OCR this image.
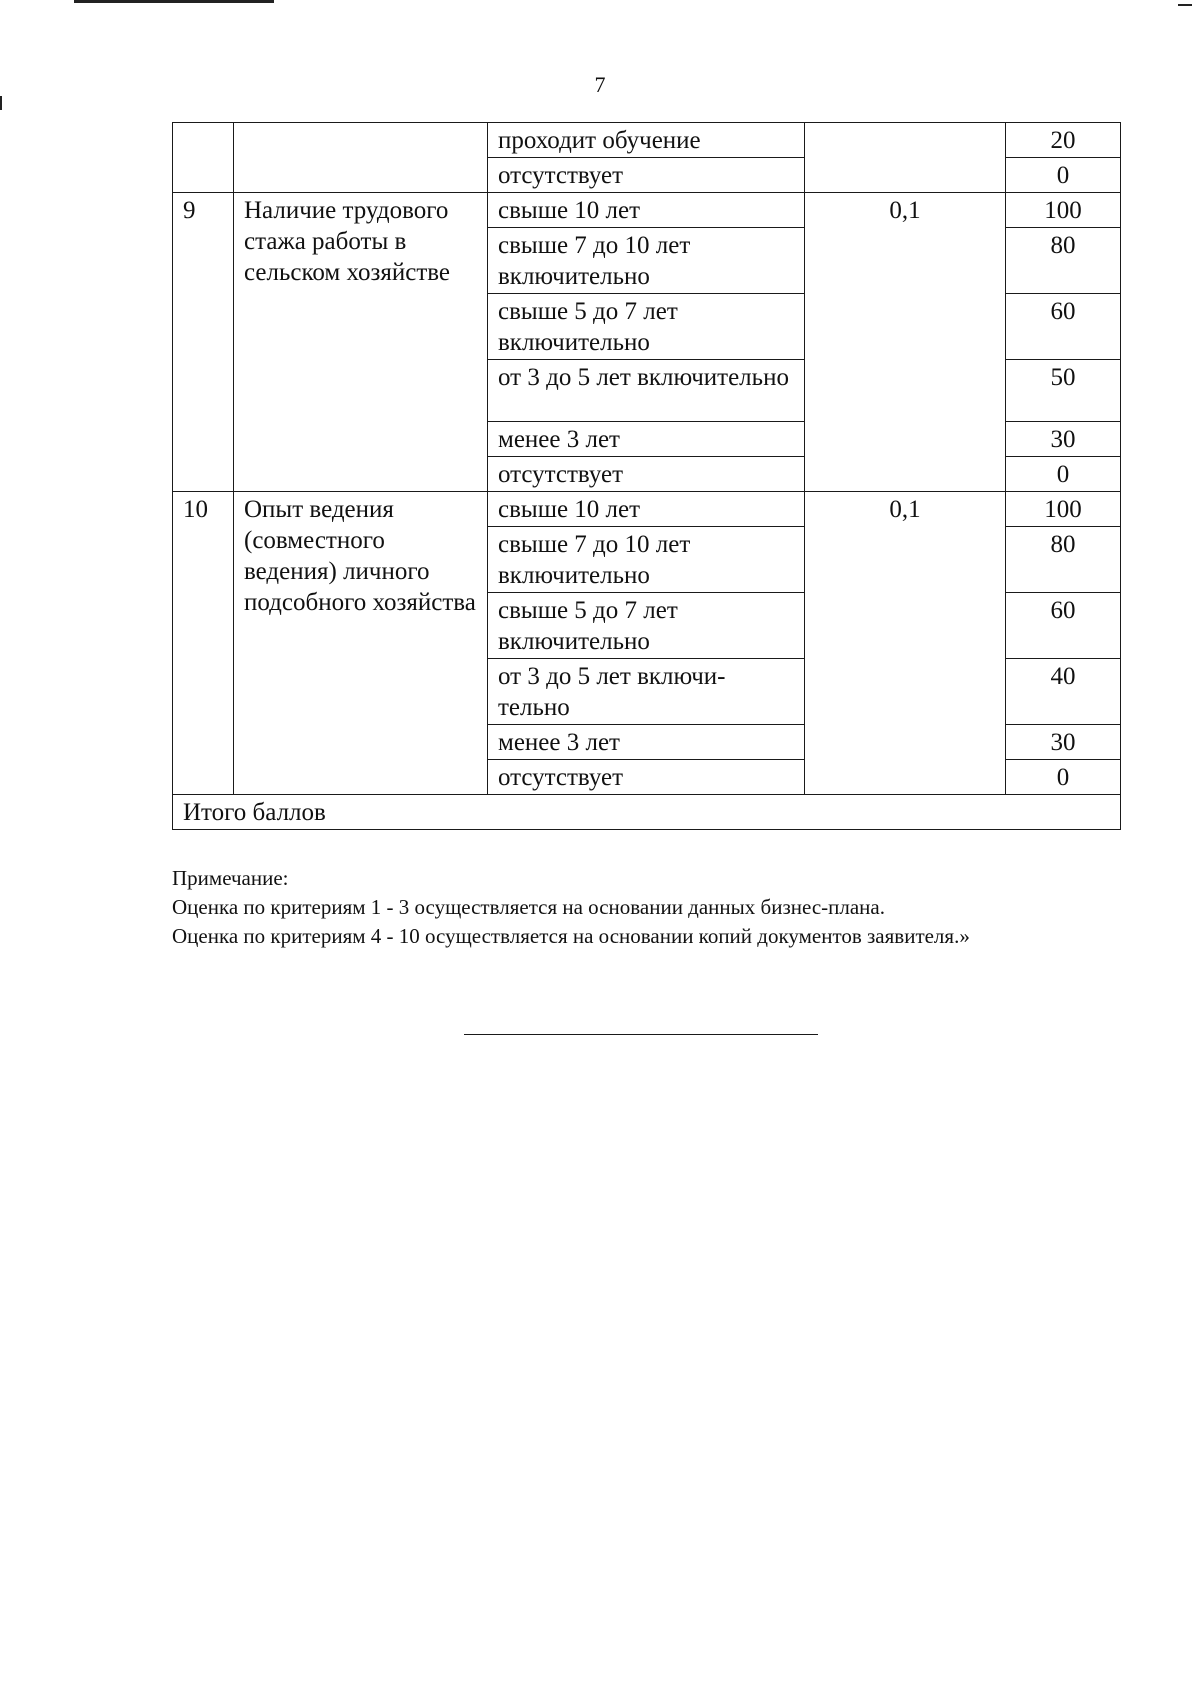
7
		проходит обучение		20
		отсутствует		0
9	Наличие трудового стажа работы в сельском хозяйстве	свыше 10 лет	0,1	100
		свыше 7 до 10 лет включительно		80
		свыше 5 до 7 лет включительно		60
		от 3 до 5 лет включительно		50
		менее 3 лет		30
		отсутствует		0
10	Опыт ведения (совместного ведения) личного подсобного хозяйства	свыше 10 лет	0,1	100
		свыше 7 до 10 лет включительно		80
		свыше 5 до 7 лет включительно		60
		от 3 до 5 лет включи-тельно		40
		менее 3 лет		30
		отсутствует		0
Итого баллов				
Примечание:
Оценка по критериям 1 - 3 осуществляется на основании данных бизнес-плана.
Оценка по критериям 4 - 10 осуществляется на основании копий документов заявителя.»
